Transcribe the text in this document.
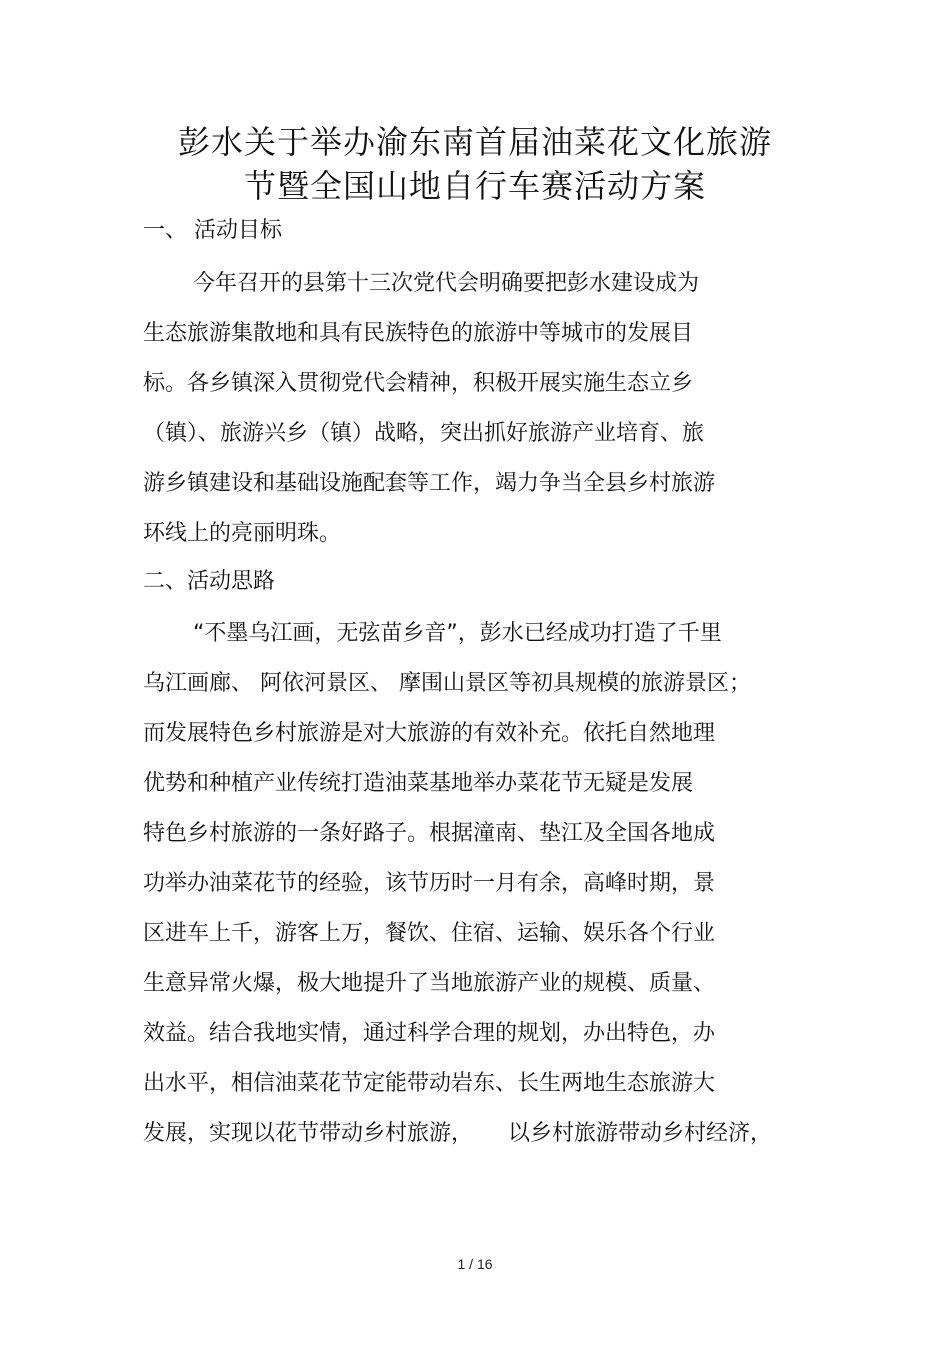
彭水关于举办渝东南首届油菜花文化旅游
节暨全国山地自行车赛活动方案
一、 活动目标
今年召开的县第十三次党代会明确要把彭水建设成为
生态旅游集散地和具有民族特色的旅游中等城市的发展目
标。各乡镇深入贯彻党代会精神，积极开展实施生态立乡
（镇）、旅游兴乡（镇）战略，突出抓好旅游产业培育、旅
游乡镇建设和基础设施配套等工作，竭力争当全县乡村旅游
环线上的亮丽明珠。
二、活动思路
“不墨乌江画，无弦苗乡音”，彭水已经成功打造了千里
乌江画廊、 阿依河景区、 摩围山景区等初具规模的旅游景区；
而发展特色乡村旅游是对大旅游的有效补充。依托自然地理
优势和种植产业传统打造油菜基地举办菜花节无疑是发展
特色乡村旅游的一条好路子。根据潼南、垫江及全国各地成
功举办油菜花节的经验，该节历时一月有余，高峰时期，景
区进车上千，游客上万，餐饮、住宿、运输、娱乐各个行业
生意异常火爆，极大地提升了当地旅游产业的规模、质量、
效益。结合我地实情，通过科学合理的规划，办出特色，办
出水平，相信油菜花节定能带动岩东、长生两地生态旅游大
发展，实现以花节带动乡村旅游，     以乡村旅游带动乡村经济，
1 / 16
